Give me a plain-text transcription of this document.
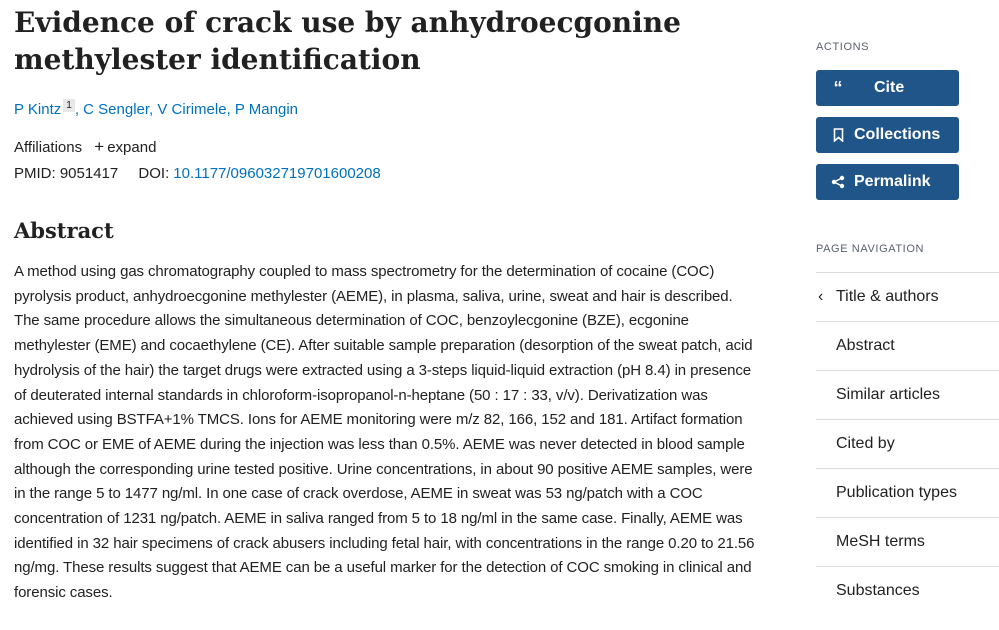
Evidence of crack use by anhydroecgonine methylester identification
P Kintz $^1$ , C Sengler, V Cirimele, P Mangin
Affiliations + expand
PMID: 9051417 DOI: 10.1177/096032719701600208
Abstract

A method using gas chromatography coupled to mass spectrometry for the determination of cocaine (COC) pyrolysis product, anhydroecgonine methylester (AEME), in plasma, saliva, urine, sweat and hair is described. The same procedure allows the simultaneous determination of COC, benzoylecgonine (BZE), ecgonine methylester (EME) and cocaethylene (CE). After suitable sample preparation (desorption of the sweat patch, acid hydrolysis of the hair) the target drugs were extracted using a 3-steps liquid-liquid extraction (pH 8.4) in presence of deuterated internal standards in chloroform-isopropanol-n-heptane (50 : 17 : 33, v/v). Derivatization was achieved using BSTFA+1% TMCS. Ions for AEME monitoring were m/z 82, 166, 152 and 181. Artifact formation from COC or EME of AEME during the injection was less than 0.5%. AEME was never detected in blood sample although the corresponding urine tested positive. Urine concentrations, in about 90 positive AEME samples, were in the range 5 to 1477 ng/ml. In one case of crack overdose, AEME in sweat was 53 ng/patch with a COC concentration of 1231 ng/patch. AEME in saliva ranged from 5 to 18 ng/ml in the same case. Finally, AEME was identified in 32 hair specimens of crack abusers including fetal hair, with concentrations in the range 0.20 to 21.56 ng/mg. These results suggest that AEME can be a useful marker for the detection of COC smoking in clinical and forensic cases.

ACTIONS
“ Cite
Collections
Permalink
PAGE NAVIGATION
‹ Title & authors
Abstract
Similar articles
Cited by
Publication types
MeSH terms
Substances
